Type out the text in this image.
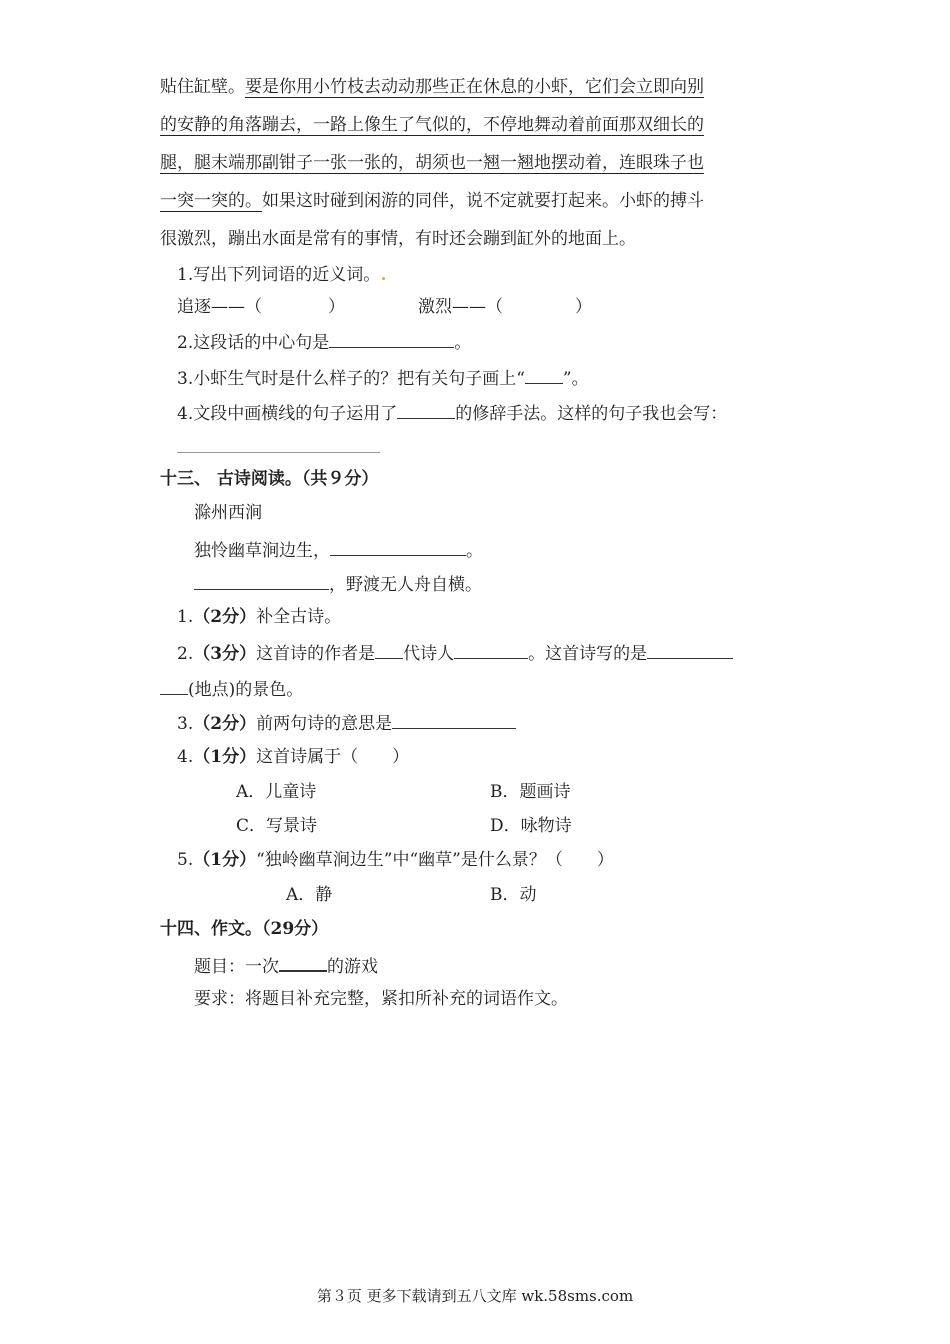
贴住缸壁。要是你用小竹枝去动动那些正在休息的小虾，它们会立即向别
的安静的角落蹦去，一路上像生了气似的，不停地舞动着前面那双细长的
腿，腿末端那副钳子一张一张的，胡须也一翘一翘地摆动着，连眼珠子也
一突一突的。如果这时碰到闲游的同伴，说不定就要打起来。小虾的搏斗
很激烈，蹦出水面是常有的事情，有时还会蹦到缸外的地面上。
1.写出下列词语的近义词。
追逐——（	）	激烈——（	）
2.这段话的中心句是	。
3.小虾生气时是什么样子的？把有关句子画上“ ”。
4.文段中画横线的句子运用了	的修辞手法。这样的句子我也会写：
十三、 古诗阅读。（共９分）
滁州西涧
独怜幽草涧边生，	。
，野渡无人舟自横。
1.（2分）补全古诗。
2.（3分）这首诗的作者是 代诗人	。这首诗写的是
(地点)的景色。
3.（2分）前两句诗的意思是
4.（1分）这首诗属于（　　）
A．儿童诗	B．题画诗
C．写景诗	D．咏物诗
5.（1分）“独岭幽草涧边生”中“幽草”是什么景？（　　）
A．静	B．动
十四、作文。（29分）
题目：一次	的游戏
要求：将题目补充完整，紧扣所补充的词语作文。
第３页 更多下载请到五八文库 wk.58sms.com
